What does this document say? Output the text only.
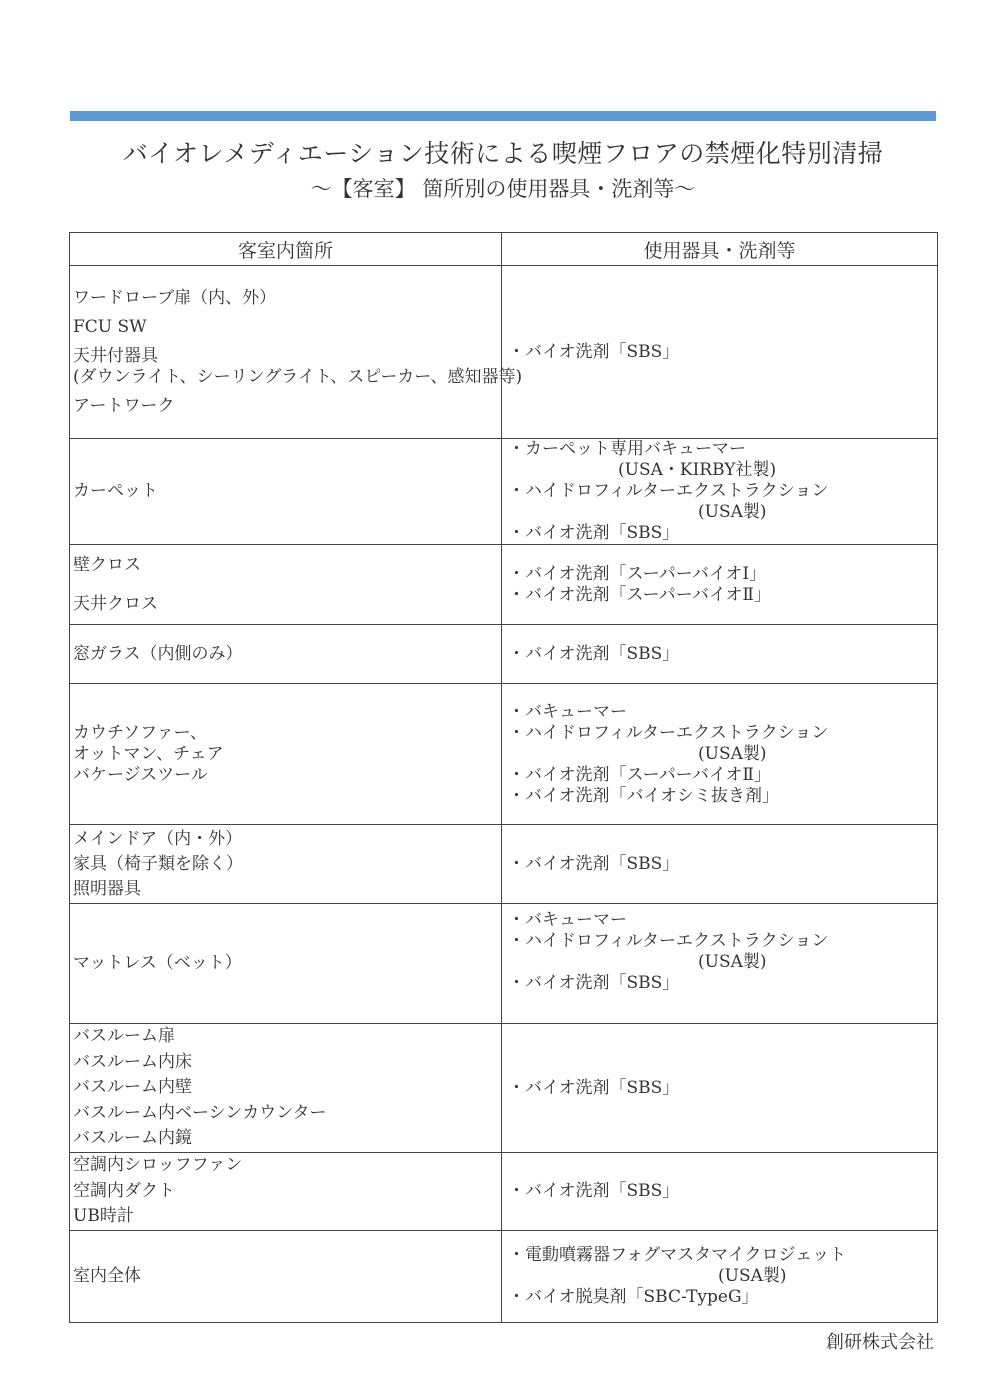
バイオレメディエーション技術による喫煙フロアの禁煙化特別清掃
～【客室】 箇所別の使用器具・洗剤等～
客室内箇所	使用器具・洗剤等

ワードローブ扉（内、外）
FCU SW
天井付器具
(ダウンライト、シーリングライト、スピーカー、感知器等)
アートワーク	・バイオ洗剤「SBS」

カーペット	・カーペット専用バキューマー
(USA・KIRBY社製)
・ハイドロフィルターエクストラクション
(USA製)
・バイオ洗剤「SBS」

壁クロス
天井クロス	・バイオ洗剤「スーパーバイオⅠ」
・バイオ洗剤「スーパーバイオⅡ」

窓ガラス（内側のみ）	・バイオ洗剤「SBS」

カウチソファー、
オットマン、チェア
バケージスツール	・バキューマー
・ハイドロフィルターエクストラクション
(USA製)
・バイオ洗剤「スーパーバイオⅡ」
・バイオ洗剤「バイオシミ抜き剤」

メインドア（内・外）
家具（椅子類を除く）
照明器具	・バイオ洗剤「SBS」

マットレス（ベット）	・バキューマー
・ハイドロフィルターエクストラクション
(USA製)
・バイオ洗剤「SBS」

バスルーム扉
バスルーム内床
バスルーム内壁
バスルーム内ベーシンカウンター
バスルーム内鏡	・バイオ洗剤「SBS」

空調内シロッフファン
空調内ダクト
UB時計	・バイオ洗剤「SBS」

室内全体	・電動噴霧器フォグマスタマイクロジェット
(USA製)
・バイオ脱臭剤「SBC-TypeG」
創研株式会社
